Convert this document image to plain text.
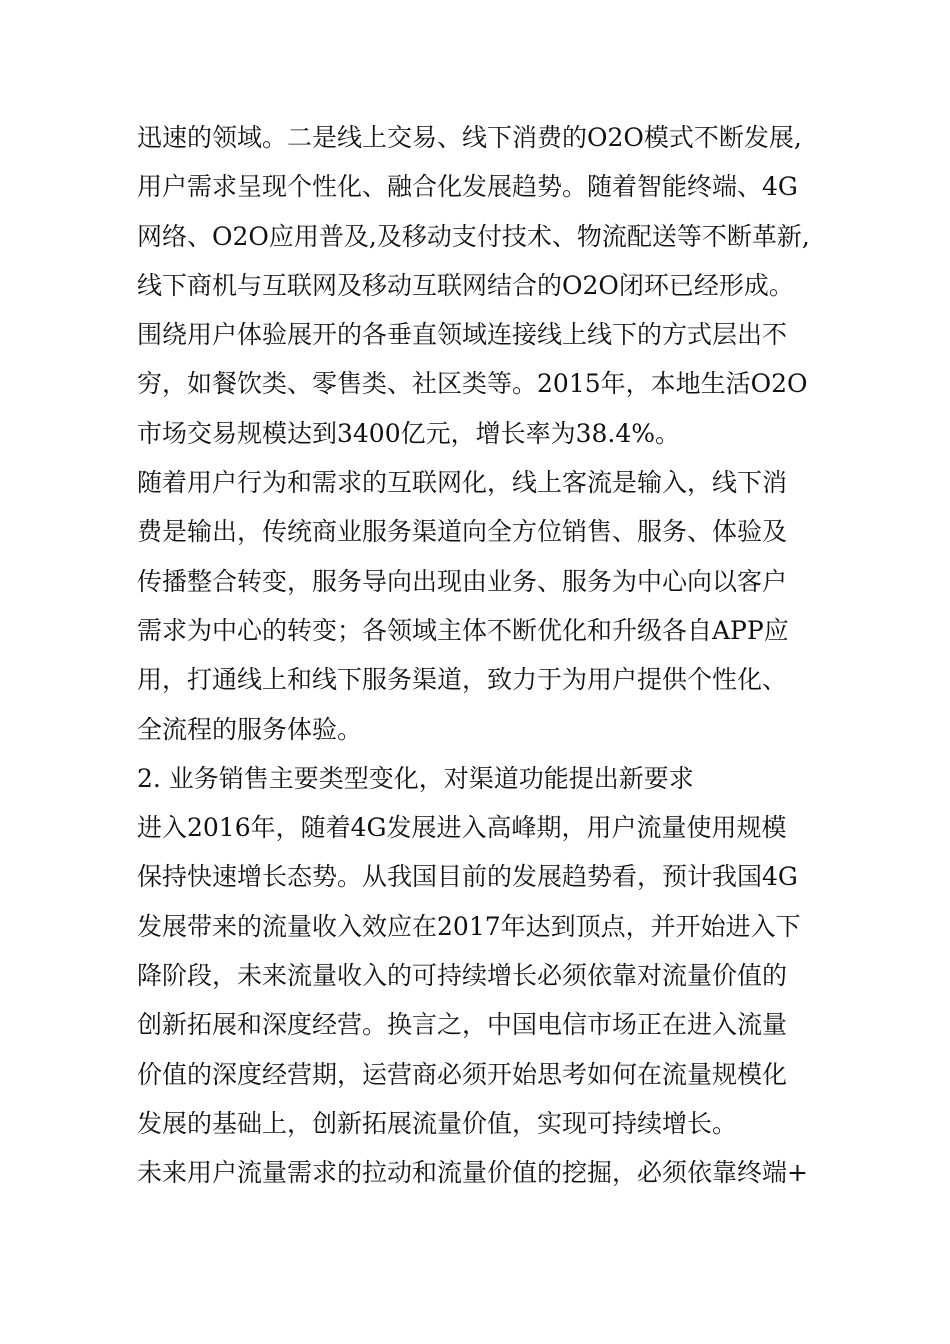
迅速的领域。二是线上交易、线下消费的O2O模式不断发展,

用户需求呈现个性化、融合化发展趋势。随着智能终端、4G

网络、O2O应用普及,及移动支付技术、物流配送等不断革新,

线下商机与互联网及移动互联网结合的O2O闭环已经形成。

围绕用户体验展开的各垂直领域连接线上线下的方式层出不

穷，如餐饮类、零售类、社区类等。2015年，本地生活O2O

市场交易规模达到3400亿元，增长率为38.4%。

随着用户行为和需求的互联网化，线上客流是输入，线下消

费是输出，传统商业服务渠道向全方位销售、服务、体验及

传播整合转变，服务导向出现由业务、服务为中心向以客户

需求为中心的转变；各领域主体不断优化和升级各自APP应

用，打通线上和线下服务渠道，致力于为用户提供个性化、

全流程的服务体验。

2. 业务销售主要类型变化，对渠道功能提出新要求

进入2016年，随着4G发展进入高峰期，用户流量使用规模

保持快速增长态势。从我国目前的发展趋势看，预计我国4G

发展带来的流量收入效应在2017年达到顶点，并开始进入下

降阶段，未来流量收入的可持续增长必须依靠对流量价值的

创新拓展和深度经营。换言之，中国电信市场正在进入流量

价值的深度经营期，运营商必须开始思考如何在流量规模化

发展的基础上，创新拓展流量价值，实现可持续增长。

未来用户流量需求的拉动和流量价值的挖掘，必须依靠终端+
